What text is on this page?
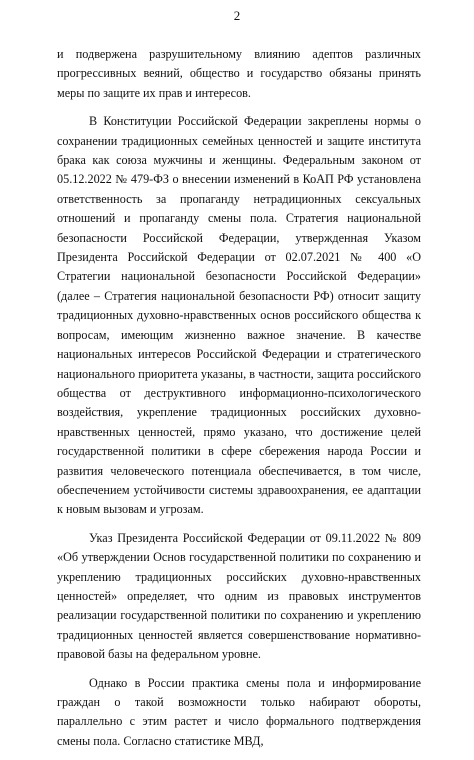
2

и подвержена разрушительному влиянию адептов различных прогрессивных веяний, общество и государство обязаны принять меры по защите их прав и интересов.

В Конституции Российской Федерации закреплены нормы о сохранении традиционных семейных ценностей и защите института брака как союза мужчины и женщины. Федеральным законом от 05.12.2022 № 479-ФЗ о внесении изменений в КоАП РФ установлена ответственность за пропаганду нетрадиционных сексуальных отношений и пропаганду смены пола. Стратегия национальной безопасности Российской Федерации, утвержденная Указом Президента Российской Федерации от 02.07.2021 № 400 «О Стратегии национальной безопасности Российской Федерации» (далее – Стратегия национальной безопасности РФ) относит защиту традиционных духовно-нравственных основ российского общества к вопросам, имеющим жизненно важное значение. В качестве национальных интересов Российской Федерации и стратегического национального приоритета указаны, в частности, защита российского общества от деструктивного информационно-психологического воздействия, укрепление традиционных российских духовно-нравственных ценностей, прямо указано, что достижение целей государственной политики в сфере сбережения народа России и развития человеческого потенциала обеспечивается, в том числе, обеспечением устойчивости системы здравоохранения, ее адаптации к новым вызовам и угрозам.

Указ Президента Российской Федерации от 09.11.2022 № 809 «Об утверждении Основ государственной политики по сохранению и укреплению традиционных российских духовно-нравственных ценностей» определяет, что одним из правовых инструментов реализации государственной политики по сохранению и укреплению традиционных ценностей является совершенствование нормативно-правовой базы на федеральном уровне.

Однако в России практика смены пола и информирование граждан о такой возможности только набирают обороты, параллельно с этим растет и число формального подтверждения смены пола. Согласно статистике МВД,
